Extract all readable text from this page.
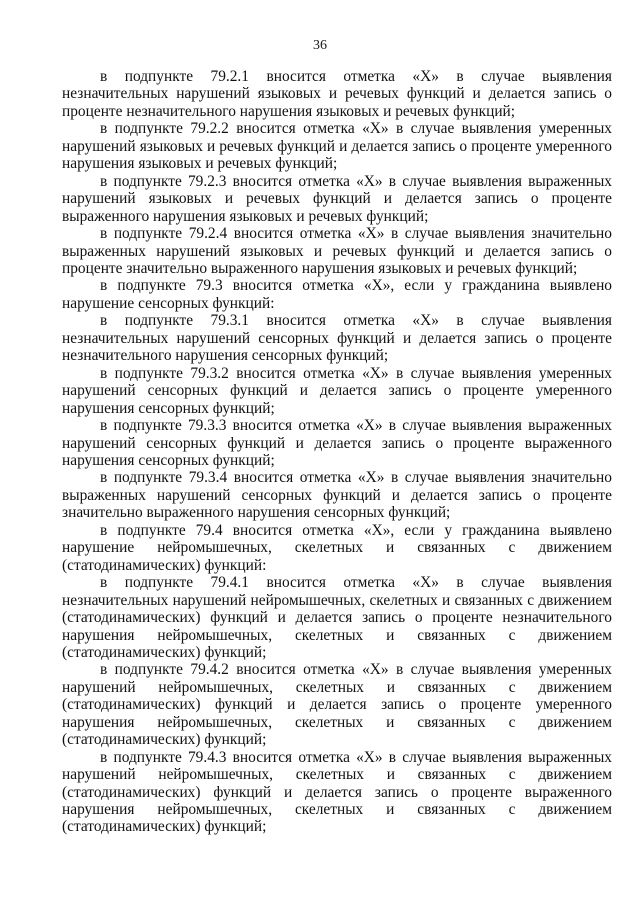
36

в подпункте 79.2.1 вносится отметка «Х» в случае выявления незначительных нарушений языковых и речевых функций и делается запись о проценте незначительного нарушения языковых и речевых функций;

в подпункте 79.2.2 вносится отметка «Х» в случае выявления умеренных нарушений языковых и речевых функций и делается запись о проценте умеренного нарушения языковых и речевых функций;

в подпункте 79.2.3 вносится отметка «Х» в случае выявления выраженных нарушений языковых и речевых функций и делается запись о проценте выраженного нарушения языковых и речевых функций;

в подпункте 79.2.4 вносится отметка «Х» в случае выявления значительно выраженных нарушений языковых и речевых функций и делается запись о проценте значительно выраженного нарушения языковых и речевых функций;

в подпункте 79.3 вносится отметка «Х», если у гражданина выявлено нарушение сенсорных функций:

в подпункте 79.3.1 вносится отметка «Х» в случае выявления незначительных нарушений сенсорных функций и делается запись о проценте незначительного нарушения сенсорных функций;

в подпункте 79.3.2 вносится отметка «Х» в случае выявления умеренных нарушений сенсорных функций и делается запись о проценте умеренного нарушения сенсорных функций;

в подпункте 79.3.3 вносится отметка «Х» в случае выявления выраженных нарушений сенсорных функций и делается запись о проценте выраженного нарушения сенсорных функций;

в подпункте 79.3.4 вносится отметка «Х» в случае выявления значительно выраженных нарушений сенсорных функций и делается запись о проценте значительно выраженного нарушения сенсорных функций;

в подпункте 79.4 вносится отметка «Х», если у гражданина выявлено нарушение нейромышечных, скелетных и связанных с движением (статодинамических) функций:

в подпункте 79.4.1 вносится отметка «Х» в случае выявления незначительных нарушений нейромышечных, скелетных и связанных с движением (статодинамических) функций и делается запись о проценте незначительного нарушения нейромышечных, скелетных и связанных с движением (статодинамических) функций;

в подпункте 79.4.2 вносится отметка «Х» в случае выявления умеренных нарушений нейромышечных, скелетных и связанных с движением (статодинамических) функций и делается запись о проценте умеренного нарушения нейромышечных, скелетных и связанных с движением (статодинамических) функций;

в подпункте 79.4.3 вносится отметка «Х» в случае выявления выраженных нарушений нейромышечных, скелетных и связанных с движением (статодинамических) функций и делается запись о проценте выраженного нарушения нейромышечных, скелетных и связанных с движением (статодинамических) функций;
